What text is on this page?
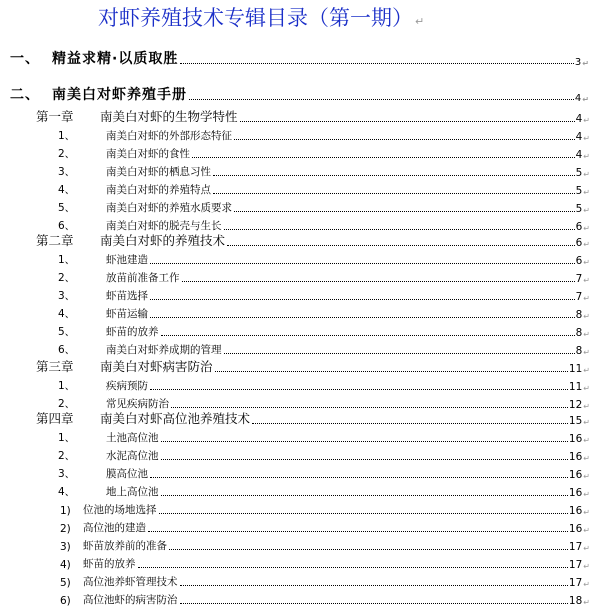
对虾养殖技术专辑目录（第一期） ↵
一、 精益求精·以质取胜	3 ↵
二、 南美白对虾养殖手册	4 ↵
第一章	南美白对虾的生物学特性	4 ↵
1、	南美白对虾的外部形态特征	4 ↵
2、	南美白对虾的食性	4 ↵
3、	南美白对虾的栖息习性	5 ↵
4、	南美白对虾的养殖特点	5 ↵
5、	南美白对虾的养殖水质要求	5 ↵
6、	南美白对虾的脱壳与生长	6 ↵
第二章	南美白对虾的养殖技术	6 ↵
1、	虾池建造	6 ↵
2、	放苗前准备工作	7 ↵
3、	虾苗选择	7 ↵
4、	虾苗运输	8 ↵
5、	虾苗的放养	8 ↵
6、	南美白对虾养成期的管理	8 ↵
第三章	南美白对虾病害防治	11 ↵
1、	疾病预防	11 ↵
2、	常见疾病防治	12 ↵
第四章	南美白对虾高位池养殖技术	15 ↵
1、	土池高位池	16 ↵
2、	水泥高位池	16 ↵
3、	膜高位池	16 ↵
4、	地上高位池	16 ↵
1)	位池的场地选择	16 ↵
2)	高位池的建造	16 ↵
3)	虾苗放养前的准备	17 ↵
4)	虾苗的放养	17 ↵
5)	高位池养虾管理技术	17 ↵
6)	高位池虾的病害防治	18 ↵
